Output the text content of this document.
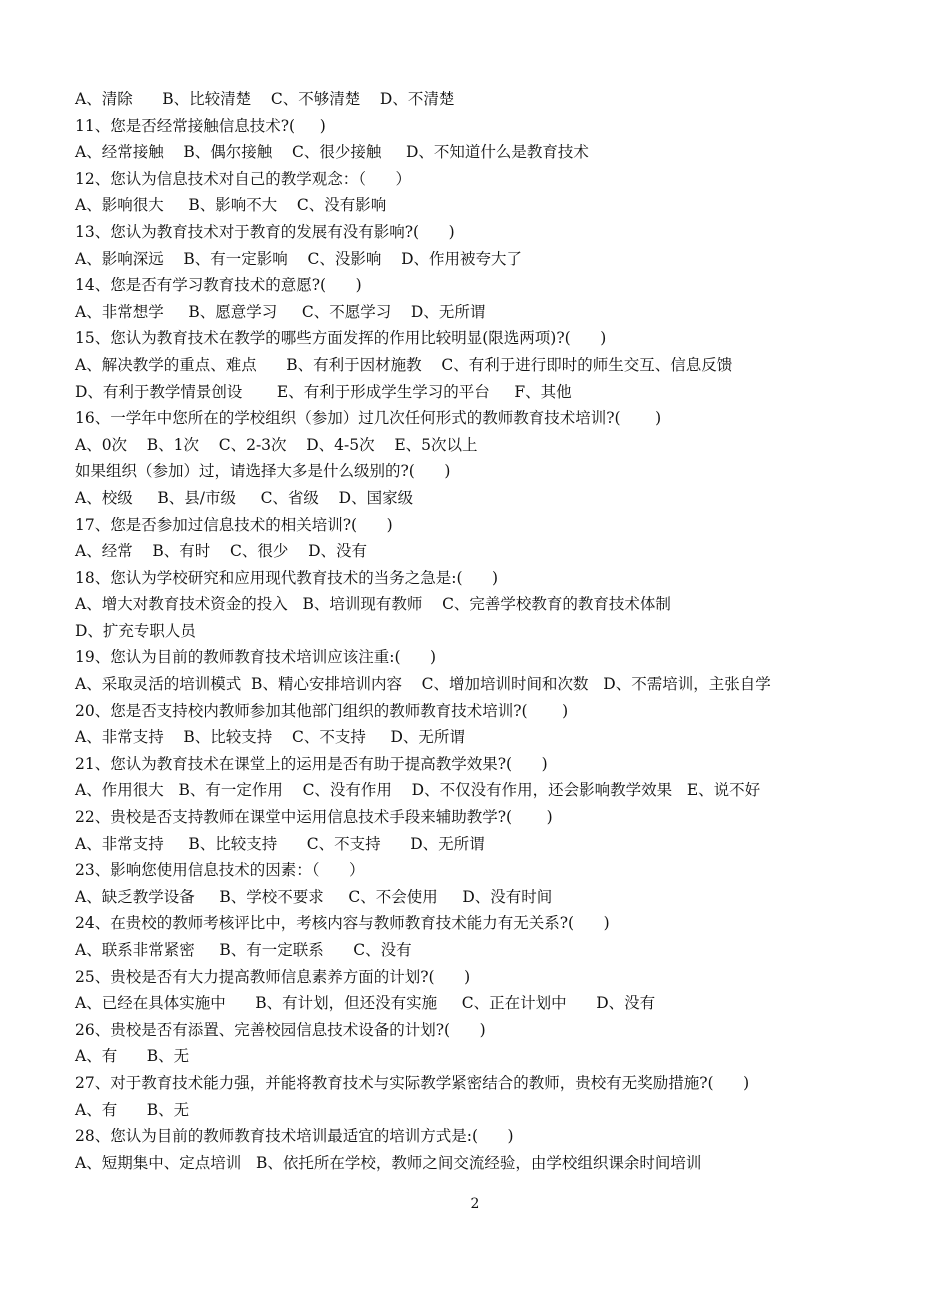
A、清除      B、比较清楚    C、不够清楚    D、不清楚
11、您是否经常接触信息技术?(     )
A、经常接触    B、偶尔接触    C、很少接触     D、不知道什么是教育技术
12、您认为信息技术对自己的教学观念：（      ）
A、影响很大     B、影响不大    C、没有影响
13、您认为教育技术对于教育的发展有没有影响?(      )
A、影响深远    B、有一定影响    C、没影响    D、作用被夸大了
14、您是否有学习教育技术的意愿?(      )
A、非常想学     B、愿意学习     C、不愿学习    D、无所谓
15、您认为教育技术在教学的哪些方面发挥的作用比较明显(限选两项)?(      )
A、解决教学的重点、难点      B、有利于因材施教    C、有利于进行即时的师生交互、信息反馈
D、有利于教学情景创设       E、有利于形成学生学习的平台     F、其他
16、一学年中您所在的学校组织（参加）过几次任何形式的教师教育技术培训?(       )
A、0次    B、1次    C、2-3次    D、4-5次    E、5次以上
如果组织（参加）过，请选择大多是什么级别的?(      )
A、校级     B、县/市级     C、省级    D、国家级
17、您是否参加过信息技术的相关培训?(      )
A、经常    B、有时    C、很少    D、没有
18、您认为学校研究和应用现代教育技术的当务之急是:(      )
A、增大对教育技术资金的投入   B、培训现有教师    C、完善学校教育的教育技术体制
D、扩充专职人员
19、您认为目前的教师教育技术培训应该注重:(      )
A、采取灵活的培训模式  B、精心安排培训内容    C、增加培训时间和次数   D、不需培训，主张自学
20、您是否支持校内教师参加其他部门组织的教师教育技术培训?(       )
A、非常支持    B、比较支持    C、不支持     D、无所谓
21、您认为教育技术在课堂上的运用是否有助于提高教学效果?(      )
A、作用很大   B、有一定作用    C、没有作用    D、不仅没有作用，还会影响教学效果   E、说不好
22、贵校是否支持教师在课堂中运用信息技术手段来辅助教学?(       )
A、非常支持     B、比较支持      C、不支持      D、无所谓
23、影响您使用信息技术的因素：（      ）
A、缺乏教学设备     B、学校不要求     C、不会使用     D、没有时间
24、在贵校的教师考核评比中，考核内容与教师教育技术能力有无关系?(      )
A、联系非常紧密     B、有一定联系      C、没有
25、贵校是否有大力提高教师信息素养方面的计划?(      )
A、已经在具体实施中      B、有计划，但还没有实施     C、正在计划中      D、没有
26、贵校是否有添置、完善校园信息技术设备的计划?(      )
A、有      B、无
27、对于教育技术能力强，并能将教育技术与实际教学紧密结合的教师，贵校有无奖励措施?(      )
A、有      B、无
28、您认为目前的教师教育技术培训最适宜的培训方式是:(      )
A、短期集中、定点培训   B、依托所在学校，教师之间交流经验，由学校组织课余时间培训
2
